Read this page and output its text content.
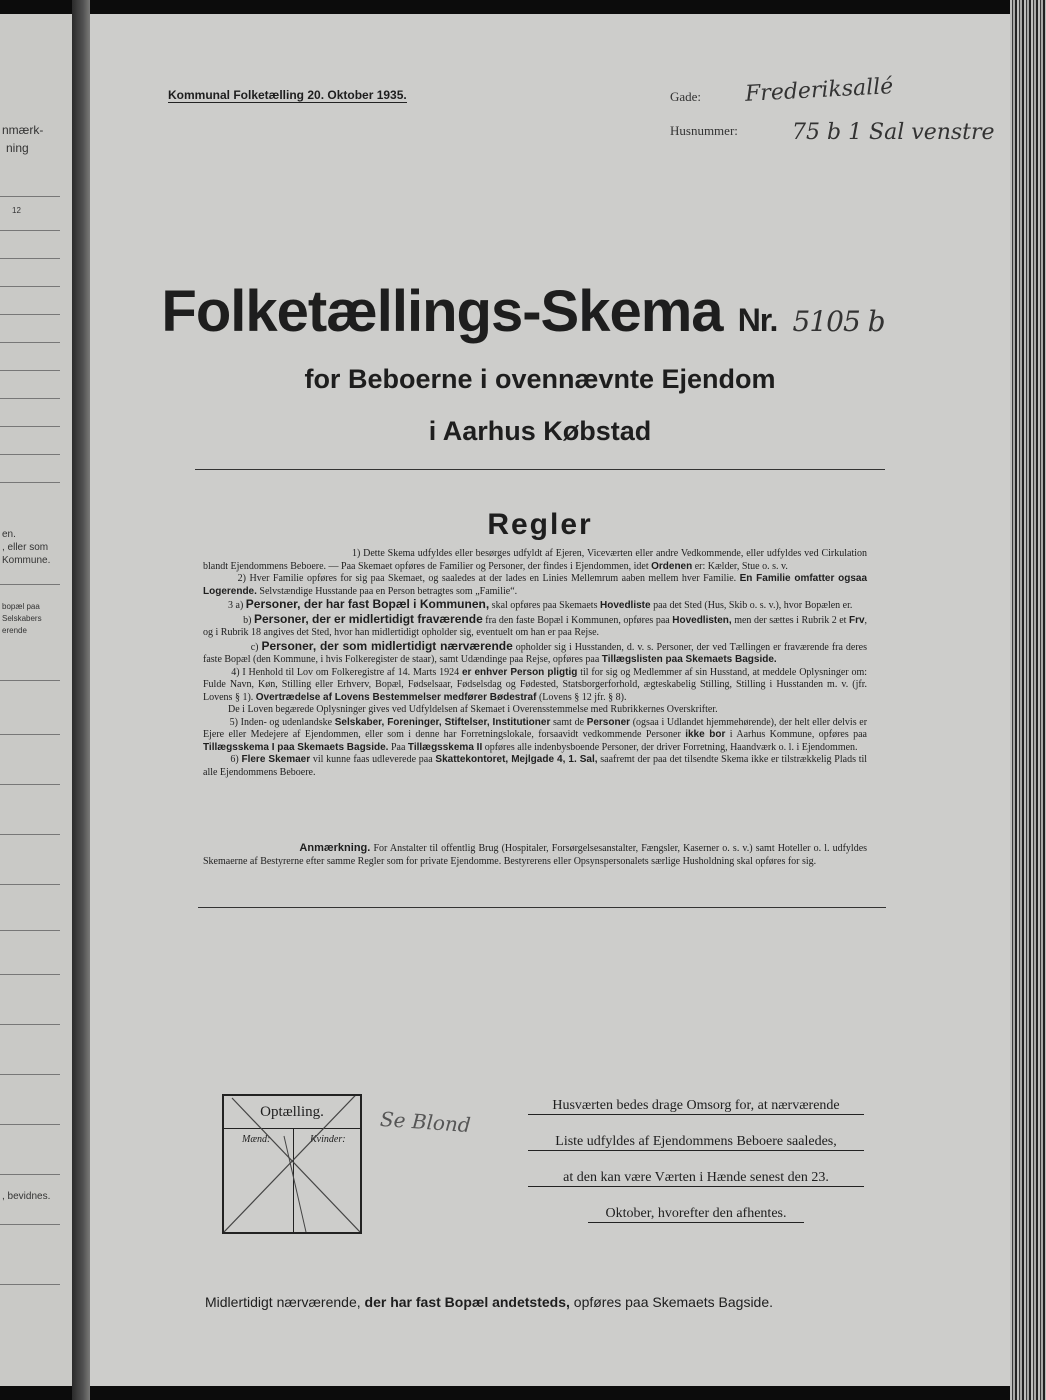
nmærk-
ning
12
en.
, eller som
Kommune.
bopæl paa
Selskabers
erende
, bevidnes.
Kommunal Folketælling 20. Oktober 1935.	Gade: Frederiksallé
Husnummer: 75 b 1 Sal venstre
Folketællings-Skema Nr. 5105 b
for Beboerne i ovennævnte Ejendom
i Aarhus Købstad
Regler

1) Dette Skema udfyldes eller besørges udfyldt af Ejeren, Viceværten eller andre Vedkommende, eller udfyldes ved Cirkulation blandt Ejendommens Beboere. — Paa Skemaet opføres de Familier og Personer, der findes i Ejendommen, idet Ordenen er: Kælder, Stue o. s. v.

2) Hver Familie opføres for sig paa Skemaet, og saaledes at der lades en Linies Mellemrum aaben mellem hver Familie. En Familie omfatter ogsaa Logerende. Selvstændige Husstande paa en Person betragtes som „Familie“.

3 a) Personer, der har fast Bopæl i Kommunen, skal opføres paa Skemaets Hovedliste paa det Sted (Hus, Skib o. s. v.), hvor Bopælen er.

b) Personer, der er midlertidigt fraværende fra den faste Bopæl i Kommunen, opføres paa Hovedlisten, men der sættes i Rubrik 2 et Frv, og i Rubrik 18 angives det Sted, hvor han midlertidigt opholder sig, eventuelt om han er paa Rejse.

c) Personer, der som midlertidigt nærværende opholder sig i Husstanden, d. v. s. Personer, der ved Tællingen er fraværende fra deres faste Bopæl (den Kommune, i hvis Folkeregister de staar), samt Udændinge paa Rejse, opføres paa Tillægslisten paa Skemaets Bagside.

4) I Henhold til Lov om Folkeregistre af 14. Marts 1924 er enhver Person pligtig til for sig og Medlemmer af sin Husstand, at meddele Oplysninger om: Fulde Navn, Køn, Stilling eller Erhverv, Bopæl, Fødselsaar, Fødselsdag og Fødested, Statsborgerforhold, ægteskabelig Stilling, Stilling i Husstanden m. v. (jfr. Lovens § 1). Overtrædelse af Lovens Bestemmelser medfører Bødestraf (Lovens § 12 jfr. § 8).

De i Loven begærede Oplysninger gives ved Udfyldelsen af Skemaet i Overensstemmelse med Rubrikkernes Overskrifter.

5) Inden- og udenlandske Selskaber, Foreninger, Stiftelser, Institutioner samt de Personer (ogsaa i Udlandet hjemmehørende), der helt eller delvis er Ejere eller Medejere af Ejendommen, eller som i denne har Forretningslokale, forsaavidt vedkommende Personer ikke bor i Aarhus Kommune, opføres paa Tillægsskema I paa Skemaets Bagside. Paa Tillægsskema II opføres alle indenbysboende Personer, der driver Forretning, Haandværk o. l. i Ejendommen.

6) Flere Skemaer vil kunne faas udleverede paa Skattekontoret, Mejlgade 4, 1. Sal, saafremt der paa det tilsendte Skema ikke er tilstrækkelig Plads til alle Ejendommens Beboere.

Anmærkning. For Anstalter til offentlig Brug (Hospitaler, Forsørgelsesanstalter, Fængsler, Kaserner o. s. v.) samt Hoteller o. l. udfyldes Skemaerne af Bestyrerne efter samme Regler som for private Ejendomme. Bestyrerens eller Opsynspersonalets særlige Husholdning skal opføres for sig.
Optælling.
Mænd:	Kvinder:
Se Blond
Husværten bedes drage Omsorg for, at nærværende
Liste udfyldes af Ejendommens Beboere saaledes,
at den kan være Værten i Hænde senest den 23.
Oktober, hvorefter den afhentes.
Midlertidigt nærværende, der har fast Bopæl andetsteds, opføres paa Skemaets Bagside.
